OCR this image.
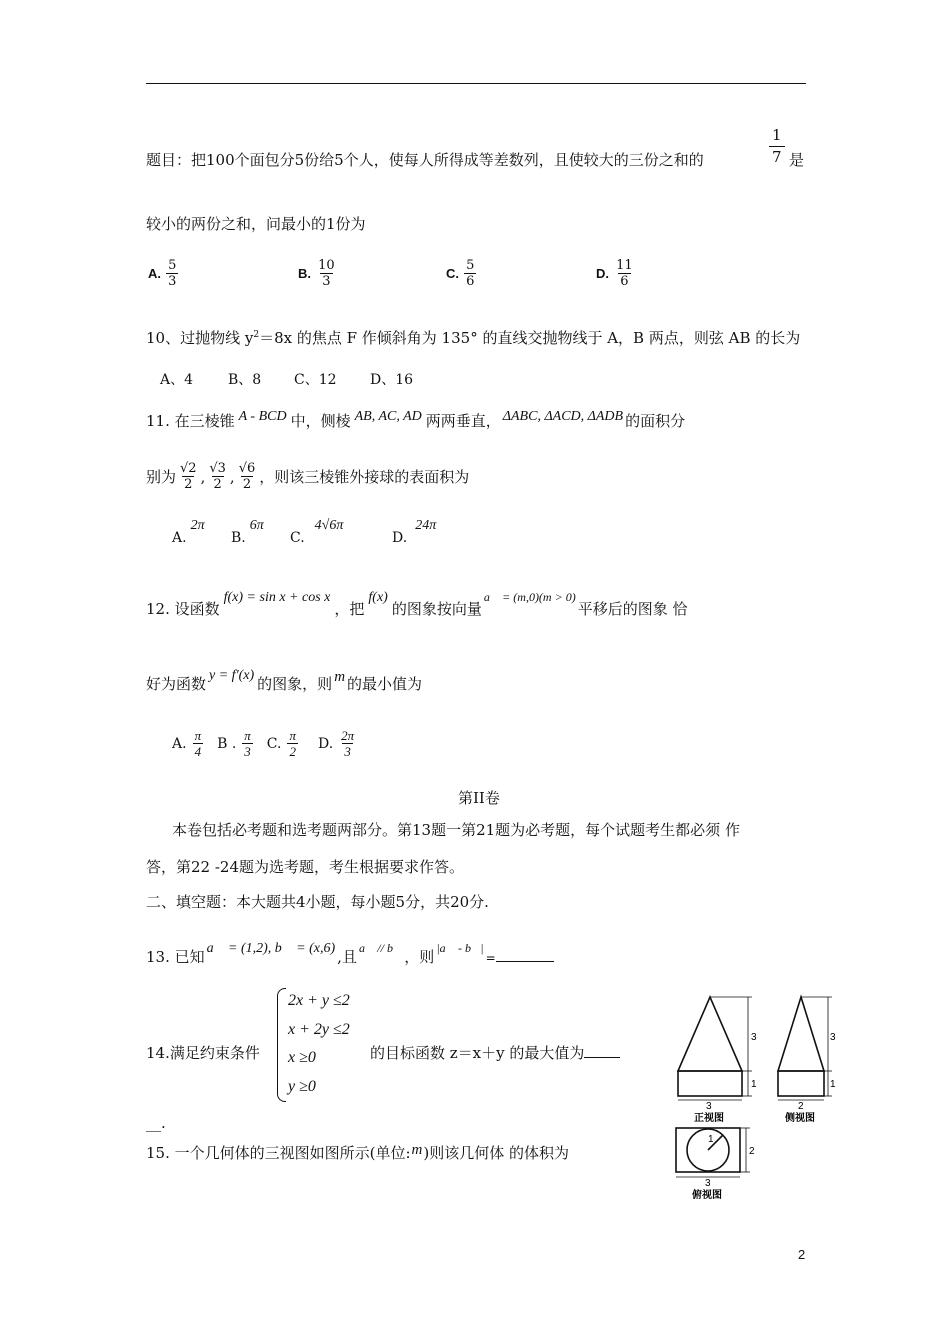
题目：把100个面包分5份给5个人，使每人所得成等差数列，且使较大的三份之和的	$\frac{1}{7}$ 是
较小的两份之和，问最小的1份为
A. $\frac{5}{3}$	B. $\frac{10}{3}$	C. $\frac{5}{6}$	D. $\frac{11}{6}$
10、过抛物线 $y^2=8x$ 的焦点 F 作倾斜角为 135° 的直线交抛物线于 A，B 两点，则弦 AB 的长为
A、4 B、8 C、12 D、16
11. 在三棱锥 A - BCD 中，侧棱 AB, AC, AD 两两垂直， ΔABC, ΔACD, ΔADB 的面积分
别为 $\frac{√2}{2}$ , $\frac{√3}{2}$ , $\frac{√6}{2}$ ，则该三棱锥外接球的表面积为
A.2π
B.6π
C.4√6π
D.24π
12. 设函数f(x) = sin x + cos x，把f(x)的图象按向量$^{a⃗ = (m,0)(m > 0)}$平移后的图象 恰
好为函数 y = f′(x) 的图象，则 m 的最小值为
A. $\frac{\pi}{4}$ B . $\frac{\pi}{3} C$. $\frac{\pi}{2} D$. $\frac{2\pi}{3}$
第II卷
本卷包括必考题和选考题两部分。第13题一第21题为必考题，每个试题考生都必须 作
答，第22 -24题为选考题，考生根据要求作答。
二、填空题：本大题共4小题，每小题5分，共20分.
13. 已知 a⃗ = (1,2), b⃗ = (x,6) ,且 $^{a⃗ // b⃗}$ ，则 $^{|a⃗ - b⃗|}$=
14.满足约束条件
2x + y ≤2
x + 2y ≤2
x ≥0
y ≥0
的目标函数 z＝x＋y 的最大值为
__.
15. 一个几何体的三视图如图所示(单位:m)则该几何体 的体积为
3
1
3
正视图
3
1
2
侧视图
1
2
3
俯视图
2
